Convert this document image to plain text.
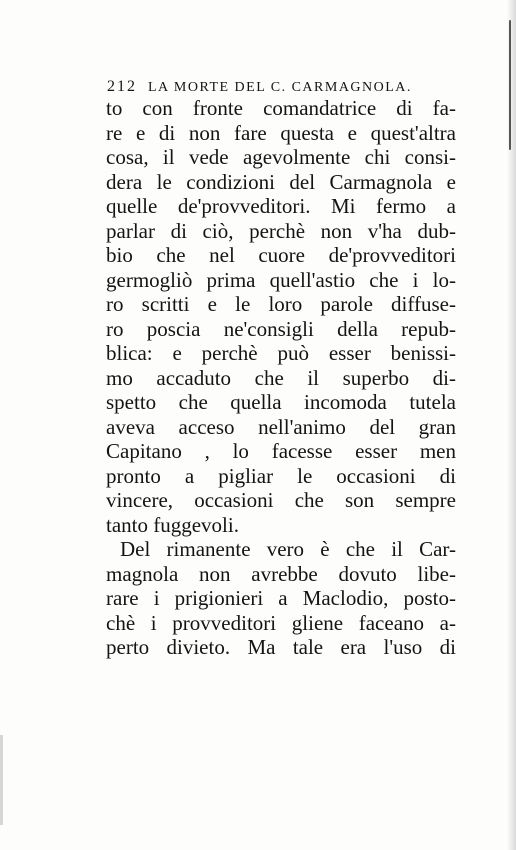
212 LA MORTE DEL C. CARMAGNOLA.
to con fronte comandatrice di fa-
re e di non fare questa e quest'altra
cosa, il vede agevolmente chi consi-
dera le condizioni del Carmagnola e
quelle de'provveditori. Mi fermo a
parlar di ciò, perchè non v'ha dub-
bio che nel cuore de'provveditori
germogliò prima quell'astio che i lo-
ro scritti e le loro parole diffuse-
ro poscia ne'consigli della repub-
blica: e perchè può esser benissi-
mo accaduto che il superbo di-
spetto che quella incomoda tutela
aveva acceso nell'animo del gran
Capitano , lo facesse esser men
pronto a pigliar le occasioni di
vincere, occasioni che son sempre
tanto fuggevoli.
Del rimanente vero è che il Car-
magnola non avrebbe dovuto libe-
rare i prigionieri a Maclodio, posto-
chè i provveditori gliene faceano a-
perto divieto. Ma tale era l'uso di
